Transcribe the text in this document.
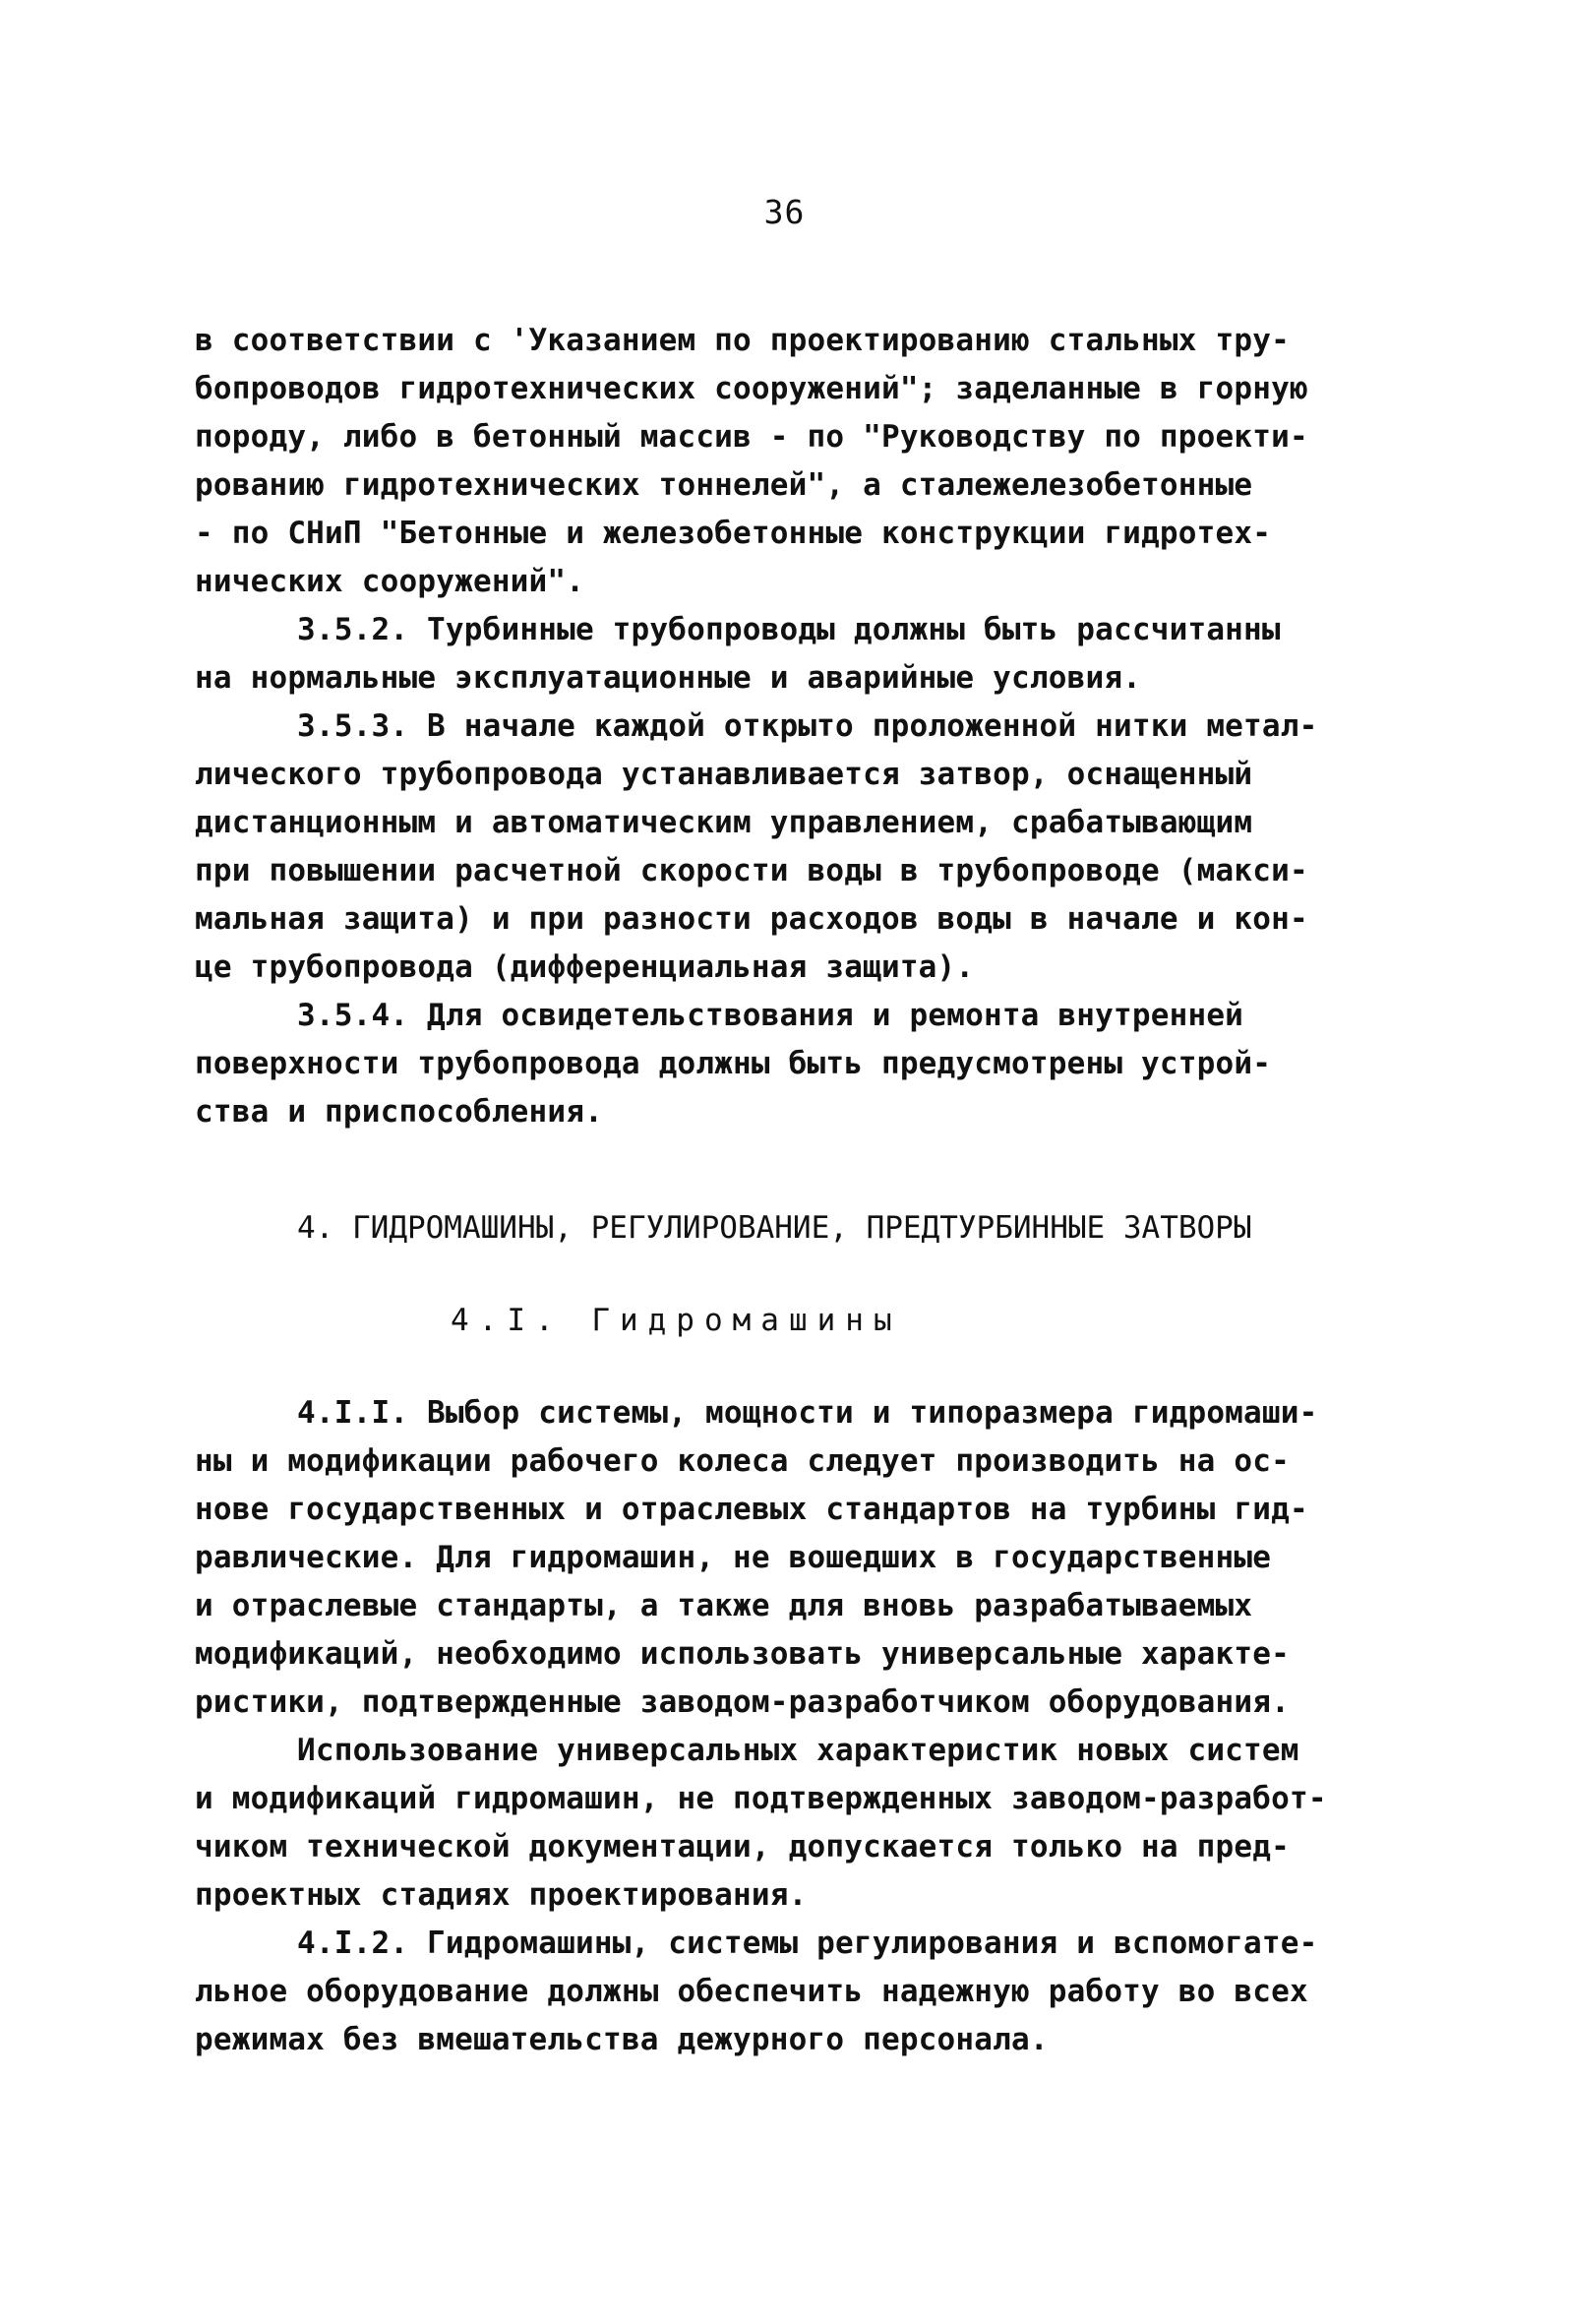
36
в соответствии с 'Указанием по проектированию стальных тру-
бопроводов гидротехнических сооружений"; заделанные в горную
породу, либо в бетонный массив - по "Руководству по проекти-
рованию гидротехнических тоннелей", а сталежелезобетонные
- по СНиП "Бетонные и железобетонные конструкции гидротех-
нических сооружений".
3.5.2. Турбинные трубопроводы должны быть рассчитанны
на нормальные эксплуатационные и аварийные условия.
3.5.3. В начале каждой открыто проложенной нитки метал-
лического трубопровода устанавливается затвор, оснащенный
дистанционным и автоматическим управлением, срабатывающим
при повышении расчетной скорости воды в трубопроводе (макси-
мальная защита) и при разности расходов воды в начале и кон-
це трубопровода (дифференциальная защита).
3.5.4. Для освидетельствования и ремонта внутренней
поверхности трубопровода должны быть предусмотрены устрой-
ства и приспособления.
4. ГИДРОМАШИНЫ, РЕГУЛИРОВАНИЕ, ПРЕДТУРБИННЫЕ ЗАТВОРЫ
4.I. Гидромашины
4.I.I. Выбор системы, мощности и типоразмера гидромаши-
ны и модификации рабочего колеса следует производить на ос-
нове государственных и отраслевых стандартов на турбины гид-
равлические. Для гидромашин, не вошедших в государственные
и отраслевые стандарты, а также для вновь разрабатываемых
модификаций, необходимо использовать универсальные характе-
ристики, подтвержденные заводом-разработчиком оборудования.
Использование универсальных характеристик новых систем
и модификаций гидромашин, не подтвержденных заводом-разработ-
чиком технической документации, допускается только на пред-
проектных стадиях проектирования.
4.I.2. Гидромашины, системы регулирования и вспомогате-
льное оборудование должны обеспечить надежную работу во всех
режимах без вмешательства дежурного персонала.
